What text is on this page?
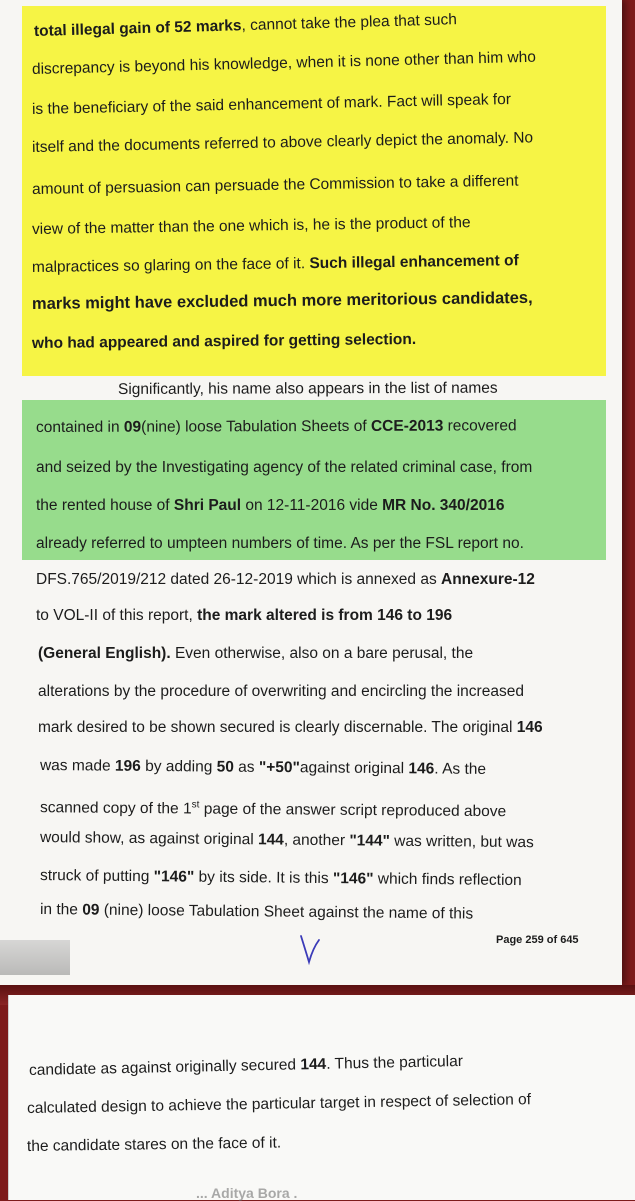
total illegal gain of 52 marks, cannot take the plea that such
discrepancy is beyond his knowledge, when it is none other than him who
is the beneficiary of the said enhancement of mark. Fact will speak for
itself and the documents referred to above clearly depict the anomaly. No
amount of persuasion can persuade the Commission to take a different
view of the matter than the one which is, he is the product of the
malpractices so glaring on the face of it. Such illegal enhancement of
marks might have excluded much more meritorious candidates,
who had appeared and aspired for getting selection.
Significantly, his name also appears in the list of names
contained in 09(nine) loose Tabulation Sheets of CCE-2013 recovered
and seized by the Investigating agency of the related criminal case, from
the rented house of Shri Paul on 12-11-2016 vide MR No. 340/2016
already referred to umpteen numbers of time. As per the FSL report no.
DFS.765/2019/212 dated 26-12-2019 which is annexed as Annexure-12
to VOL-II of this report, the mark altered is from 146 to 196
(General English). Even otherwise, also on a bare perusal, the
alterations by the procedure of overwriting and encircling the increased
mark desired to be shown secured is clearly discernable. The original 146
was made 196 by adding 50 as "+50"against original 146. As the
scanned copy of the 1st page of the answer script reproduced above
would show, as against original 144, another "144" was written, but was
struck of putting "146" by its side. It is this "146" which finds reflection
in the 09 (nine) loose Tabulation Sheet against the name of this
Page 259 of 645
candidate as against originally secured 144. Thus the particular
calculated design to achieve the particular target in respect of selection of
the candidate stares on the face of it.
... Aditya Bora .
